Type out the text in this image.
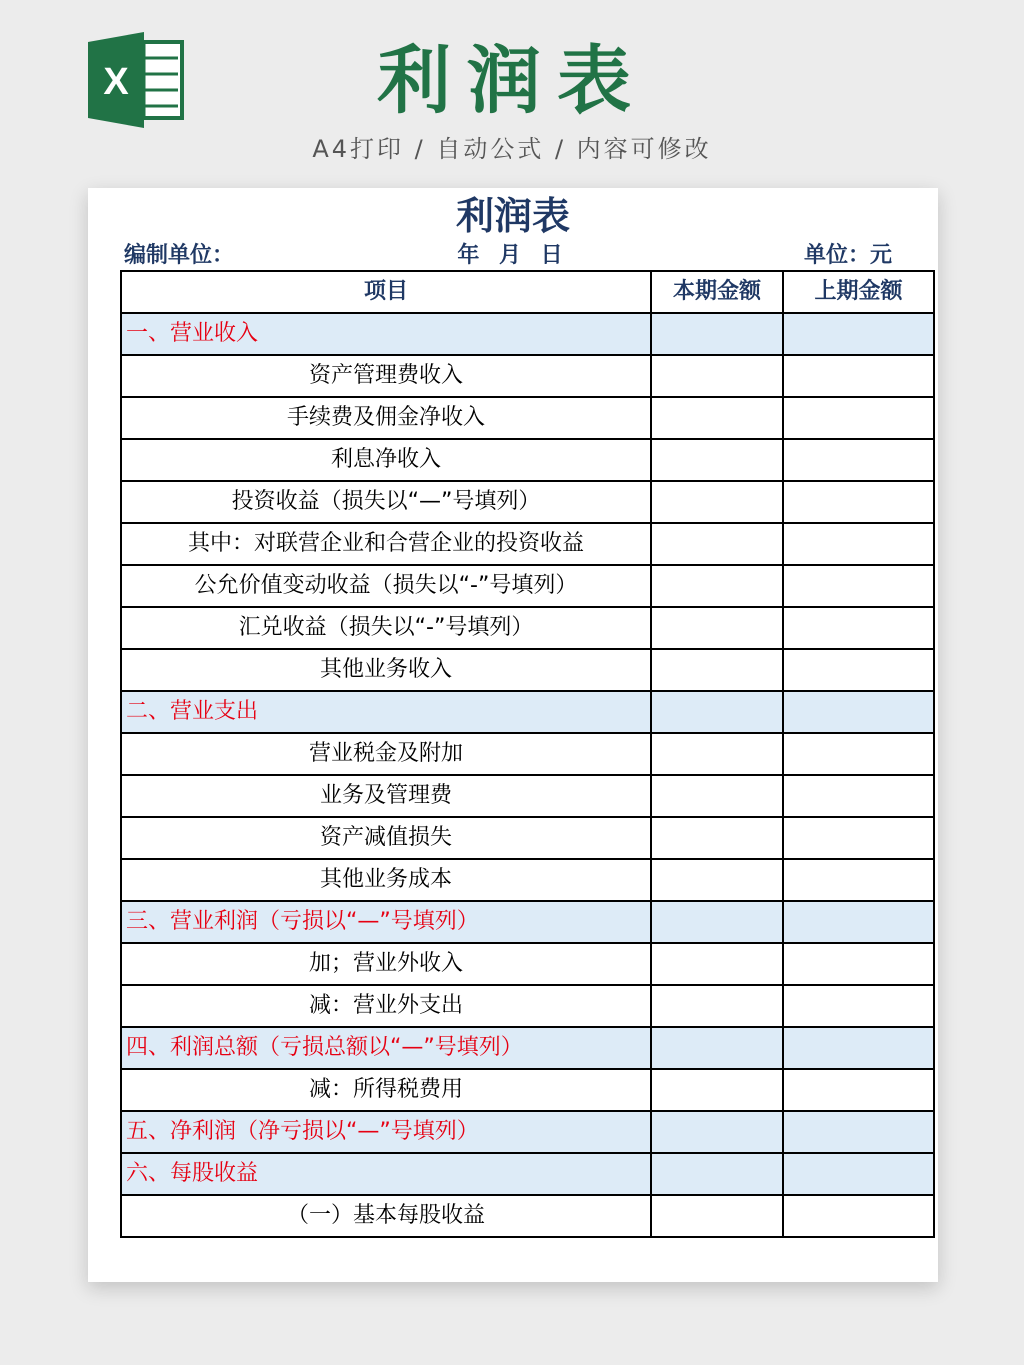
X	利润表
A4打印 / 自动公式 / 内容可修改
利润表
编制单位：	年 月 日	单位：元
项目	本期金额	上期金额
一、营业收入		
资产管理费收入		
手续费及佣金净收入		
利息净收入		
投资收益（损失以“—”号填列）		
其中：对联营企业和合营企业的投资收益		
公允价值变动收益（损失以“-”号填列）		
汇兑收益（损失以“-”号填列）		
其他业务收入		
二、营业支出		
营业税金及附加		
业务及管理费		
资产减值损失		
其他业务成本		
三、营业利润（亏损以“—”号填列）		
加；营业外收入		
减：营业外支出		
四、利润总额（亏损总额以“—”号填列）		
减：所得税费用		
五、净利润（净亏损以“—”号填列）		
六、每股收益		
（一）基本每股收益		
